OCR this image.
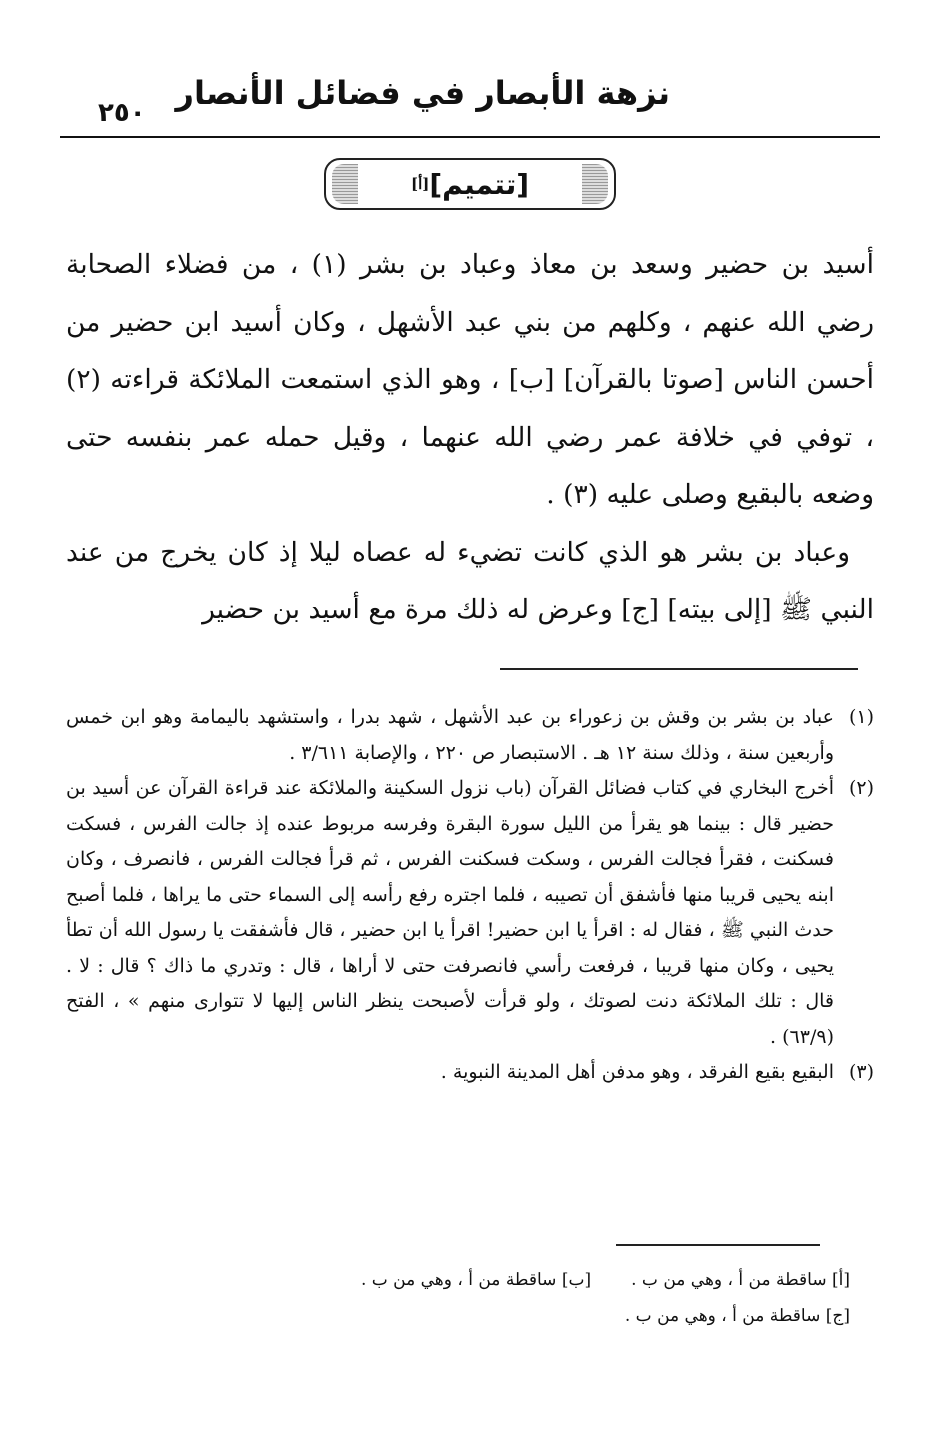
٢٥٠
نزهة الأبصار في فضائل الأنصار
[تتميم]
[أ]

أسيد بن حضير وسعد بن معاذ وعباد بن بشر (١) ، من فضلاء الصحابة رضي الله عنهم ، وكلهم من بني عبد الأشهل ، وكان أسيد ابن حضير من أحسن الناس [صوتا بالقرآن] [ب] ، وهو الذي استمعت الملائكة قراءته (٢) ، توفي في خلافة عمر رضي الله عنهما ، وقيل حمله عمر بنفسه حتى وضعه بالبقيع وصلى عليه (٣) .

وعباد بن بشر هو الذي كانت تضيء له عصاه ليلا إذ كان يخرج من عند النبي ﷺ [إلى بيته] [ج] وعرض له ذلك مرة مع أسيد بن حضير

(١)
عباد بن بشر بن وقش بن زعوراء بن عبد الأشهل ، شهد بدرا ، واستشهد باليمامة وهو ابن خمس وأربعين سنة ، وذلك سنة ١٢ هـ . الاستبصار ص ٢٢٠ ، والإصابة ٣/٦١١ .

(٢)
أخرج البخاري في كتاب فضائل القرآن (باب نزول السكينة والملائكة عند قراءة القرآن عن أسيد بن حضير قال : بينما هو يقرأ من الليل سورة البقرة وفرسه مربوط عنده إذ جالت الفرس ، فسكت فسكنت ، فقرأ فجالت الفرس ، وسكت فسكنت الفرس ، ثم قرأ فجالت الفرس ، فانصرف ، وكان ابنه يحيى قريبا منها فأشفق أن تصيبه ، فلما اجتره رفع رأسه إلى السماء حتى ما يراها ، فلما أصبح حدث النبي ﷺ ، فقال له : اقرأ يا ابن حضير! اقرأ يا ابن حضير ، قال فأشفقت يا رسول الله أن تطأ يحيى ، وكان منها قريبا ، فرفعت رأسي فانصرفت حتى لا أراها ، قال : وتدري ما ذاك ؟ قال : لا . قال : تلك الملائكة دنت لصوتك ، ولو قرأت لأصبحت ينظر الناس إليها لا تتوارى منهم » ، الفتح (٦٣/٩) .

(٣)
البقيع بقيع الفرقد ، وهو مدفن أهل المدينة النبوية .

[أ] ساقطة من أ ، وهي من ب .
[ب] ساقطة من أ ، وهي من ب .
[ج] ساقطة من أ ، وهي من ب .
